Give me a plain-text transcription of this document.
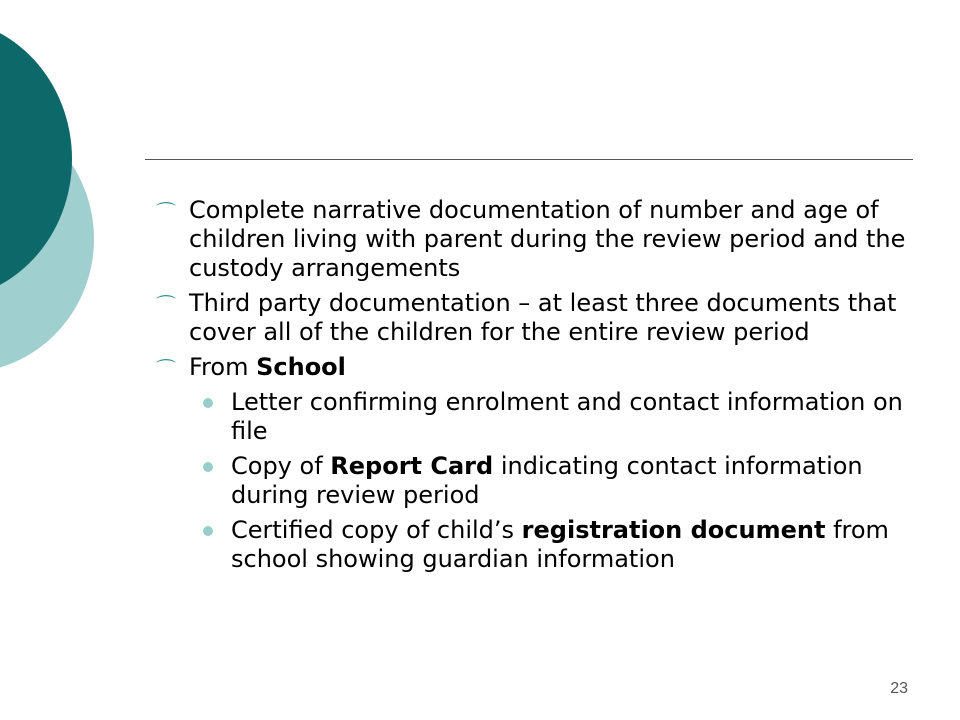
⌒ Complete narrative documentation of number and age of children living with parent during the review period and the custody arrangements
⌒ Third party documentation – at least three documents that cover all of the children for the entire review period
⌒ From School
Letter confirming enrolment and contact information on file
Copy of Report Card indicating contact information during review period
Certified copy of child’s registration document from school showing guardian information
23
